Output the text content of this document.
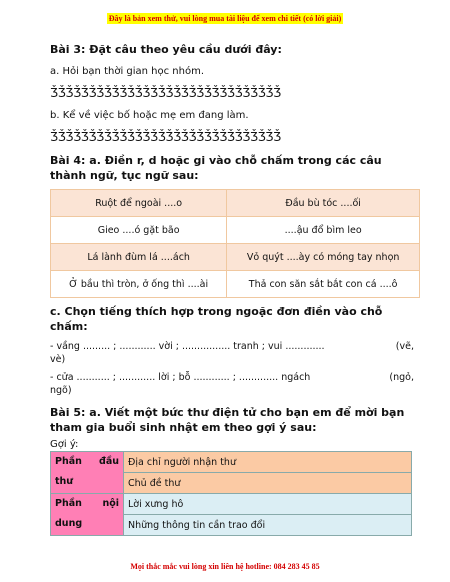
Đây là bản xem thử, vui lòng mua tài liệu để xem chi tiết (có lời giải)
Bài 3: Đặt câu theo yêu cầu dưới đây:
a. Hỏi bạn thời gian học nhóm.
ǮǮǮǮǮǮǮǮǮǮǮǮǮǮǮǮǮǮǮǮǮǮǮǮǮǮǮǮǮǮ
b. Kể về việc bố hoặc mẹ em đang làm.
ǮǮǮǮǮǮǮǮǮǮǮǮǮǮǮǮǮǮǮǮǮǮǮǮǮǮǮǮǮǮ
Bài 4: a. Điền r, d hoặc gi vào chỗ chấm trong các câu thành ngữ, tục ngữ sau:
Ruột để ngoài ....o	Đầu bù tóc ....ối
Gieo ....ó gặt bão	....ậu đổ bìm leo
Lá lành đùm lá ....ách	Vỏ quýt ....ày có móng tay nhọn
Ở bầu thì tròn, ở ống thì ....ài	Thả con săn sắt bắt con cá ....ô
c. Chọn tiếng thích hợp trong ngoặc đơn điền vào chỗ chấm:
- vầng ......... ; ............ vời ; ................ tranh ; vui .............	(vẽ,

vè)
- cửa ........... ; ............ lời ; bỗ ............ ; ............. ngách	(ngỏ,

ngõ)
Bài 5: a. Viết một bức thư điện tử cho bạn em để mời bạn tham gia buổi sinh nhật em theo gợi ý sau:
Gợi ý:
Phần đầu thư	Địa chỉ người nhận thư
	Chủ đề thư
Phần nội dung	Lời xưng hô
	Những thông tin cần trao đổi
Mọi thắc mắc vui lòng xin liên hệ hotline: 084 283 45 85
